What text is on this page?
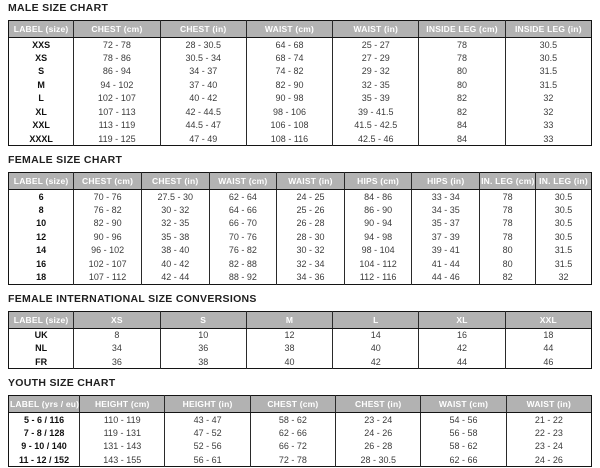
MALE SIZE CHART
LABEL (size)	CHEST (cm)	CHEST (in)	WAIST (cm)	WAIST (in)	INSIDE LEG (cm)	INSIDE LEG (in)
XXS	72 - 78	28 - 30.5	64 - 68	25 - 27	78	30.5
XS	78 - 86	30.5 - 34	68 - 74	27 - 29	78	30.5
S	86 - 94	34 - 37	74 - 82	29 - 32	80	31.5
M	94 - 102	37 - 40	82 - 90	32 - 35	80	31.5
L	102 - 107	40 - 42	90 - 98	35 - 39	82	32
XL	107 - 113	42 - 44.5	98 - 106	39 - 41.5	82	32
XXL	113 - 119	44.5 - 47	106 - 108	41.5 - 42.5	84	33
XXXL	119 - 125	47 - 49	108 - 116	42.5 - 46	84	33
FEMALE SIZE CHART
LABEL (size)	CHEST (cm)	CHEST (in)	WAIST (cm)	WAIST (in)	HIPS (cm)	HIPS (in)	IN. LEG (cm)	IN. LEG (in)
6	70 - 76	27.5 - 30	62 - 64	24 - 25	84 - 86	33 - 34	78	30.5
8	76 - 82	30 - 32	64 - 66	25 - 26	86 - 90	34 - 35	78	30.5
10	82 - 90	32 - 35	66 - 70	26 - 28	90 - 94	35 - 37	78	30.5
12	90 - 96	35 - 38	70 - 76	28 - 30	94 - 98	37 - 39	78	30.5
14	96 - 102	38 - 40	76 - 82	30 - 32	98 - 104	39 - 41	80	31.5
16	102 - 107	40 - 42	82 - 88	32 - 34	104 - 112	41 - 44	80	31.5
18	107 - 112	42 - 44	88 - 92	34 - 36	112 - 116	44 - 46	82	32
FEMALE INTERNATIONAL SIZE CONVERSIONS
LABEL (size)	XS	S	M	L	XL	XXL
UK	8	10	12	14	16	18
NL	34	36	38	40	42	44
FR	36	38	40	42	44	46
YOUTH SIZE CHART
LABEL (yrs / eu)	HEIGHT (cm)	HEIGHT (in)	CHEST (cm)	CHEST (in)	WAIST (cm)	WAIST (in)
5 - 6 / 116	110 - 119	43 - 47	58 - 62	23 - 24	54 - 56	21 - 22
7 - 8 / 128	119 - 131	47 - 52	62 - 66	24 - 26	56 - 58	22 - 23
9 - 10 / 140	131 - 143	52 - 56	66 - 72	26 - 28	58 - 62	23 - 24
11 - 12 / 152	143 - 155	56 - 61	72 - 78	28 - 30.5	62 - 66	24 - 26
